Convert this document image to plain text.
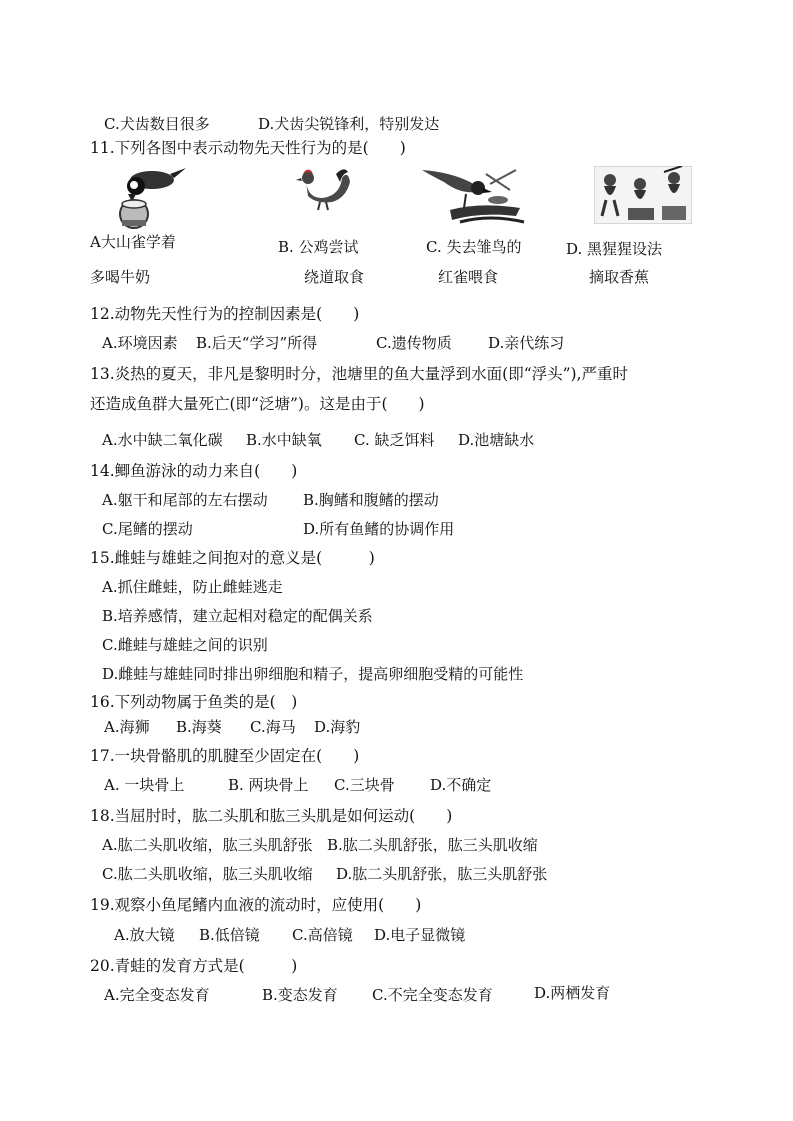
C.犬齿数目很多	D.犬齿尖锐锋利，特别发达
11.下列各图中表示动物先天性行为的是(　　)
A大山雀学着	B. 公鸡尝试	C. 失去雏鸟的	D. 黑猩猩设法
多喝牛奶	绕道取食	红雀喂食	摘取香蕉
12.动物先天性行为的控制因素是(　　)
A.环境因素 B.后天“学习”所得	C.遗传物质 D.亲代练习
13.炎热的夏天，非凡是黎明时分，池塘里的鱼大量浮到水面(即“浮头”),严重时
还造成鱼群大量死亡(即“泛塘”)。这是由于(　　)
A.水中缺二氧化碳 B.水中缺氧 C. 缺乏饵料 D.池塘缺水
14.鲫鱼游泳的动力来自(　　)
A.躯干和尾部的左右摆动 B.胸鳍和腹鳍的摆动
C.尾鳍的摆动	D.所有鱼鳍的协调作用
15.雌蛙与雄蛙之间抱对的意义是(　　　)
A.抓住雌蛙，防止雌蛙逃走
B.培养感情，建立起相对稳定的配偶关系
C.雌蛙与雄蛙之间的识别
D.雌蛙与雄蛙同时排出卵细胞和精子，提高卵细胞受精的可能性
16.下列动物属于鱼类的是(　)
A.海狮 B.海葵 C.海马 D.海豹
17.一块骨骼肌的肌腱至少固定在(　　)
A. 一块骨上	B. 两块骨上 C.三块骨 D.不确定
18.当屈肘时，肱二头肌和肱三头肌是如何运动(　　)
A.肱二头肌收缩，肱三头肌舒张 B.肱二头肌舒张，肱三头肌收缩
C.肱二头肌收缩，肱三头肌收缩 D.肱二头肌舒张，肱三头肌舒张
19.观察小鱼尾鳍内血液的流动时，应使用(　　)
A.放大镜 B.低倍镜 C.高倍镜 D.电子显微镜
20.青蛙的发育方式是(　　　)
A.完全变态发育	B.变态发育 C.不完全变态发育	D.两栖发育
